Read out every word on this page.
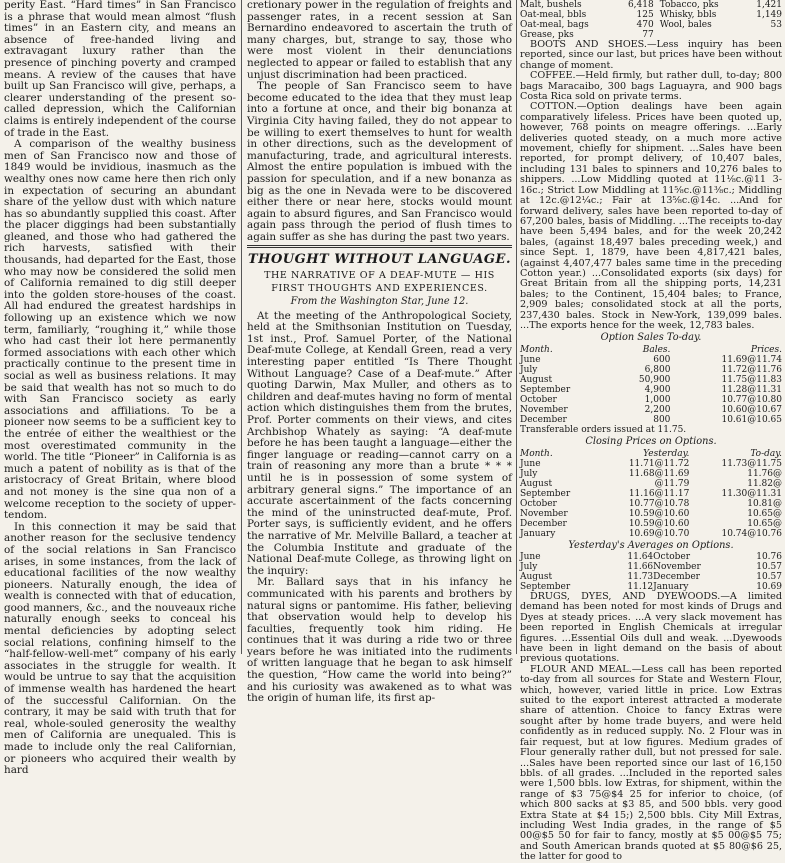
perity East. “Hard times” in San Francisco is a phrase that would mean almost “flush times” in an Eastern city, and means an absence of free-handed living and extravagant luxury rather than the presence of pinching poverty and cramped means. A review of the causes that have built up San Francisco will give, perhaps, a clearer understanding of the present so-called depression, which the Californian claims is entirely independent of the course of trade in the East.

A comparison of the wealthy business men of San Francisco now and those of 1849 would be invidious, inasmuch as the wealthy ones now came here then rich only in expectation of securing an abundant share of the yellow dust with which nature has so abundantly supplied this coast. After the placer diggings had been substantially gleaned, and those who had gathered the rich harvests, satisfied with their thousands, had departed for the East, those who may now be considered the solid men of California remained to dig still deeper into the golden store-houses of the coast. All had endured the greatest hardships in following up an existence which we now term, familiarly, “roughing it,” while those who had cast their lot here permanently formed associations with each other which practically continue to the present time in social as well as business relations. It may be said that wealth has not so much to do with San Francisco society as early associations and affiliations. To be a pioneer now seems to be a sufficient key to the entrée of either the wealthiest or the most overestimated community in the world. The title “Pioneer” in California is as much a patent of nobility as is that of the aristocracy of Great Britain, where blood and not money is the sine qua non of a welcome reception to the society of upper-tendom.

In this connection it may be said that another reason for the seclusive tendency of the social relations in San Francisco arises, in some instances, from the lack of educational facilities of the now wealthy pioneers. Naturally enough, the idea of wealth is connected with that of education, good manners, &c., and the nouveaux riche naturally enough seeks to conceal his mental deficiencies by adopting select social relations, confining himself to the “half-fellow-well-met” company of his early associates in the struggle for wealth. It would be untrue to say that the acquisition of immense wealth has hardened the heart of the successful Californian. On the contrary, it may be said with truth that for real, whole-souled generosity the wealthy men of California are unequaled. This is made to include only the real Californian, or pioneers who acquired their wealth by hard

cretionary power in the regulation of freights and passenger rates, in a recent session at San Bernardino endeavored to ascertain the truth of many charges, but, strange to say, those who were most violent in their denunciations neglected to appear or failed to establish that any unjust discrimination had been practiced.

The people of San Francisco seem to have become educated to the idea that they must leap into a fortune at once, and their big bonanza at Virginia City having failed, they do not appear to be willing to exert themselves to hunt for wealth in other directions, such as the development of manufacturing, trade, and agricultural interests. Almost the entire population is imbued with the passion for speculation, and if a new bonanza as big as the one in Nevada were to be discovered either there or near here, stocks would mount again to absurd figures, and San Francisco would again pass through the period of flush times to again suffer as she has during the past two years.

THOUGHT WITHOUT LANGUAGE.
THE NARRATIVE OF A DEAF-MUTE — HIS
FIRST THOUGHTS AND EXPERIENCES.
From the Washington Star, June 12.

At the meeting of the Anthropological Society, held at the Smithsonian Institution on Tuesday, 1st inst., Prof. Samuel Porter, of the National Deaf-mute College, at Kendall Green, read a very interesting paper entitled “Is There Thought Without Language? Case of a Deaf-mute.” After quoting Darwin, Max Muller, and others as to children and deaf-mutes having no form of mental action which distinguishes them from the brutes, Prof. Porter comments on their views, and cites Archbishop Whately as saying: “A deaf-mute before he has been taught a language—either the finger language or reading—cannot carry on a train of reasoning any more than a brute * * * until he is in possession of some system of arbitrary general signs.” The importance of an accurate ascertainment of the facts concerning the mind of the uninstructed deaf-mute, Prof. Porter says, is sufficiently evident, and he offers the narrative of Mr. Melville Ballard, a teacher at the Columbia Institute and graduate of the National Deaf-mute College, as throwing light on the inquiry:

Mr. Ballard says that in his infancy he communicated with his parents and brothers by natural signs or pantomime. His father, believing that observation would help to develop his faculties, frequently took him riding. He continues that it was during a ride two or three years before he was initiated into the rudiments of written language that he began to ask himself the question, “How came the world into being?” and his curiosity was awakened as to what was the origin of human life, its first ap-

Malt, bushels	6,418	Tobacco, pks	1,421
Oat-meal, bbls	125	Whisky, bbls	1,149
Oat-meal, bags	470	Wool, bales	53
Grease, pks	77		

BOOTS AND SHOES.—Less inquiry has been reported, since our last, but prices have been without change of moment.

COFFEE.—Held firmly, but rather dull, to-day; 800 bags Maracaibo, 300 bags Laguayra, and 900 bags Costa Rica sold on private terms.

COTTON.—Option dealings have been again comparatively lifeless. Prices have been quoted up, however, 768 points on meagre offerings. ...Early deliveries quoted steady, on a much more active movement, chiefly for shipment. ...Sales have been reported, for prompt delivery, of 10,407 bales, including 131 bales to spinners and 10,276 bales to shippers. ...Low Middling quoted at 11⅛c.@11 3-16c.; Strict Low Middling at 11⅝c.@11⅜c.; Middling at 12c.@12¼c.; Fair at 13⅝c.@14c. ...And for forward delivery, sales have been reported to-day of 67,200 bales, basis of Middling. ...The receipts to-day have been 5,494 bales, and for the week 20,242 bales, (against 18,497 bales preceding week,) and since Sept. 1, 1879, have been 4,817,421 bales, (against 4,407,477 bales same time in the preceding Cotton year.) ...Consolidated exports (six days) for Great Britain from all the shipping ports, 14,231 bales; to the Continent, 15,404 bales; to France, 2,909 bales; consolidated stock at all the ports, 237,430 bales. Stock in New-York, 139,099 bales. ...The exports hence for the week, 12,783 bales.

Option Sales To-day.
Month.	Bales.	Prices.
June	600	11.69@11.74
July	6,800	11.72@11.76
August	50,900	11.75@11.83
September	4,900	11.28@11.31
October	1,000	10.77@10.80
November	2,200	10.60@10.67
December	800	10.61@10.65

Transferable orders issued at 11.75.

Closing Prices on Options.
Month.	Yesterday.	To-day.
June	11.71@11.72	11.73@11.75
July	11.68@11.69	11.76@
August	@11.79	11.82@
September	11.16@11.17	11.30@11.31
October	10.77@10.78	10.81@
November	10.59@10.60	10.65@
December	10.59@10.60	10.65@
January	10.69@10.70	10.74@10.76
Yesterday's Averages on Options.
June	11.64	October	10.76
July	11.66	November	10.57
August	11.73	December	10.57
September	11.12	January	10.69

DRUGS, DYES, AND DYEWOODS.—A limited demand has been noted for most kinds of Drugs and Dyes at steady prices. ...A very slack movement has been reported in English Chemicals at irregular figures. ...Essential Oils dull and weak. ...Dyewoods have been in light demand on the basis of about previous quotations.

FLOUR AND MEAL.—Less call has been reported to-day from all sources for State and Western Flour, which, however, varied little in price. Low Extras suited to the export interest attracted a moderate share of attention. Choice to fancy Extras were sought after by home trade buyers, and were held confidently as in reduced supply. No. 2 Flour was in fair request, but at low figures. Medium grades of Flour generally rather dull, but not pressed for sale. ...Sales have been reported since our last of 16,150 bbls. of all grades. ...Included in the reported sales were 1,500 bbls. low Extras, for shipment, within the range of $3 75@$4 25 for inferior to choice, (of which 800 sacks at $3 85, and 500 bbls. very good Extra State at $4 15;) 2,500 bbls. City Mill Extras, including West India grades, in the range of $5 00@$5 50 for fair to fancy, mostly at $5 00@$5 75; and South American brands quoted at $5 80@$6 25, the latter for good to
